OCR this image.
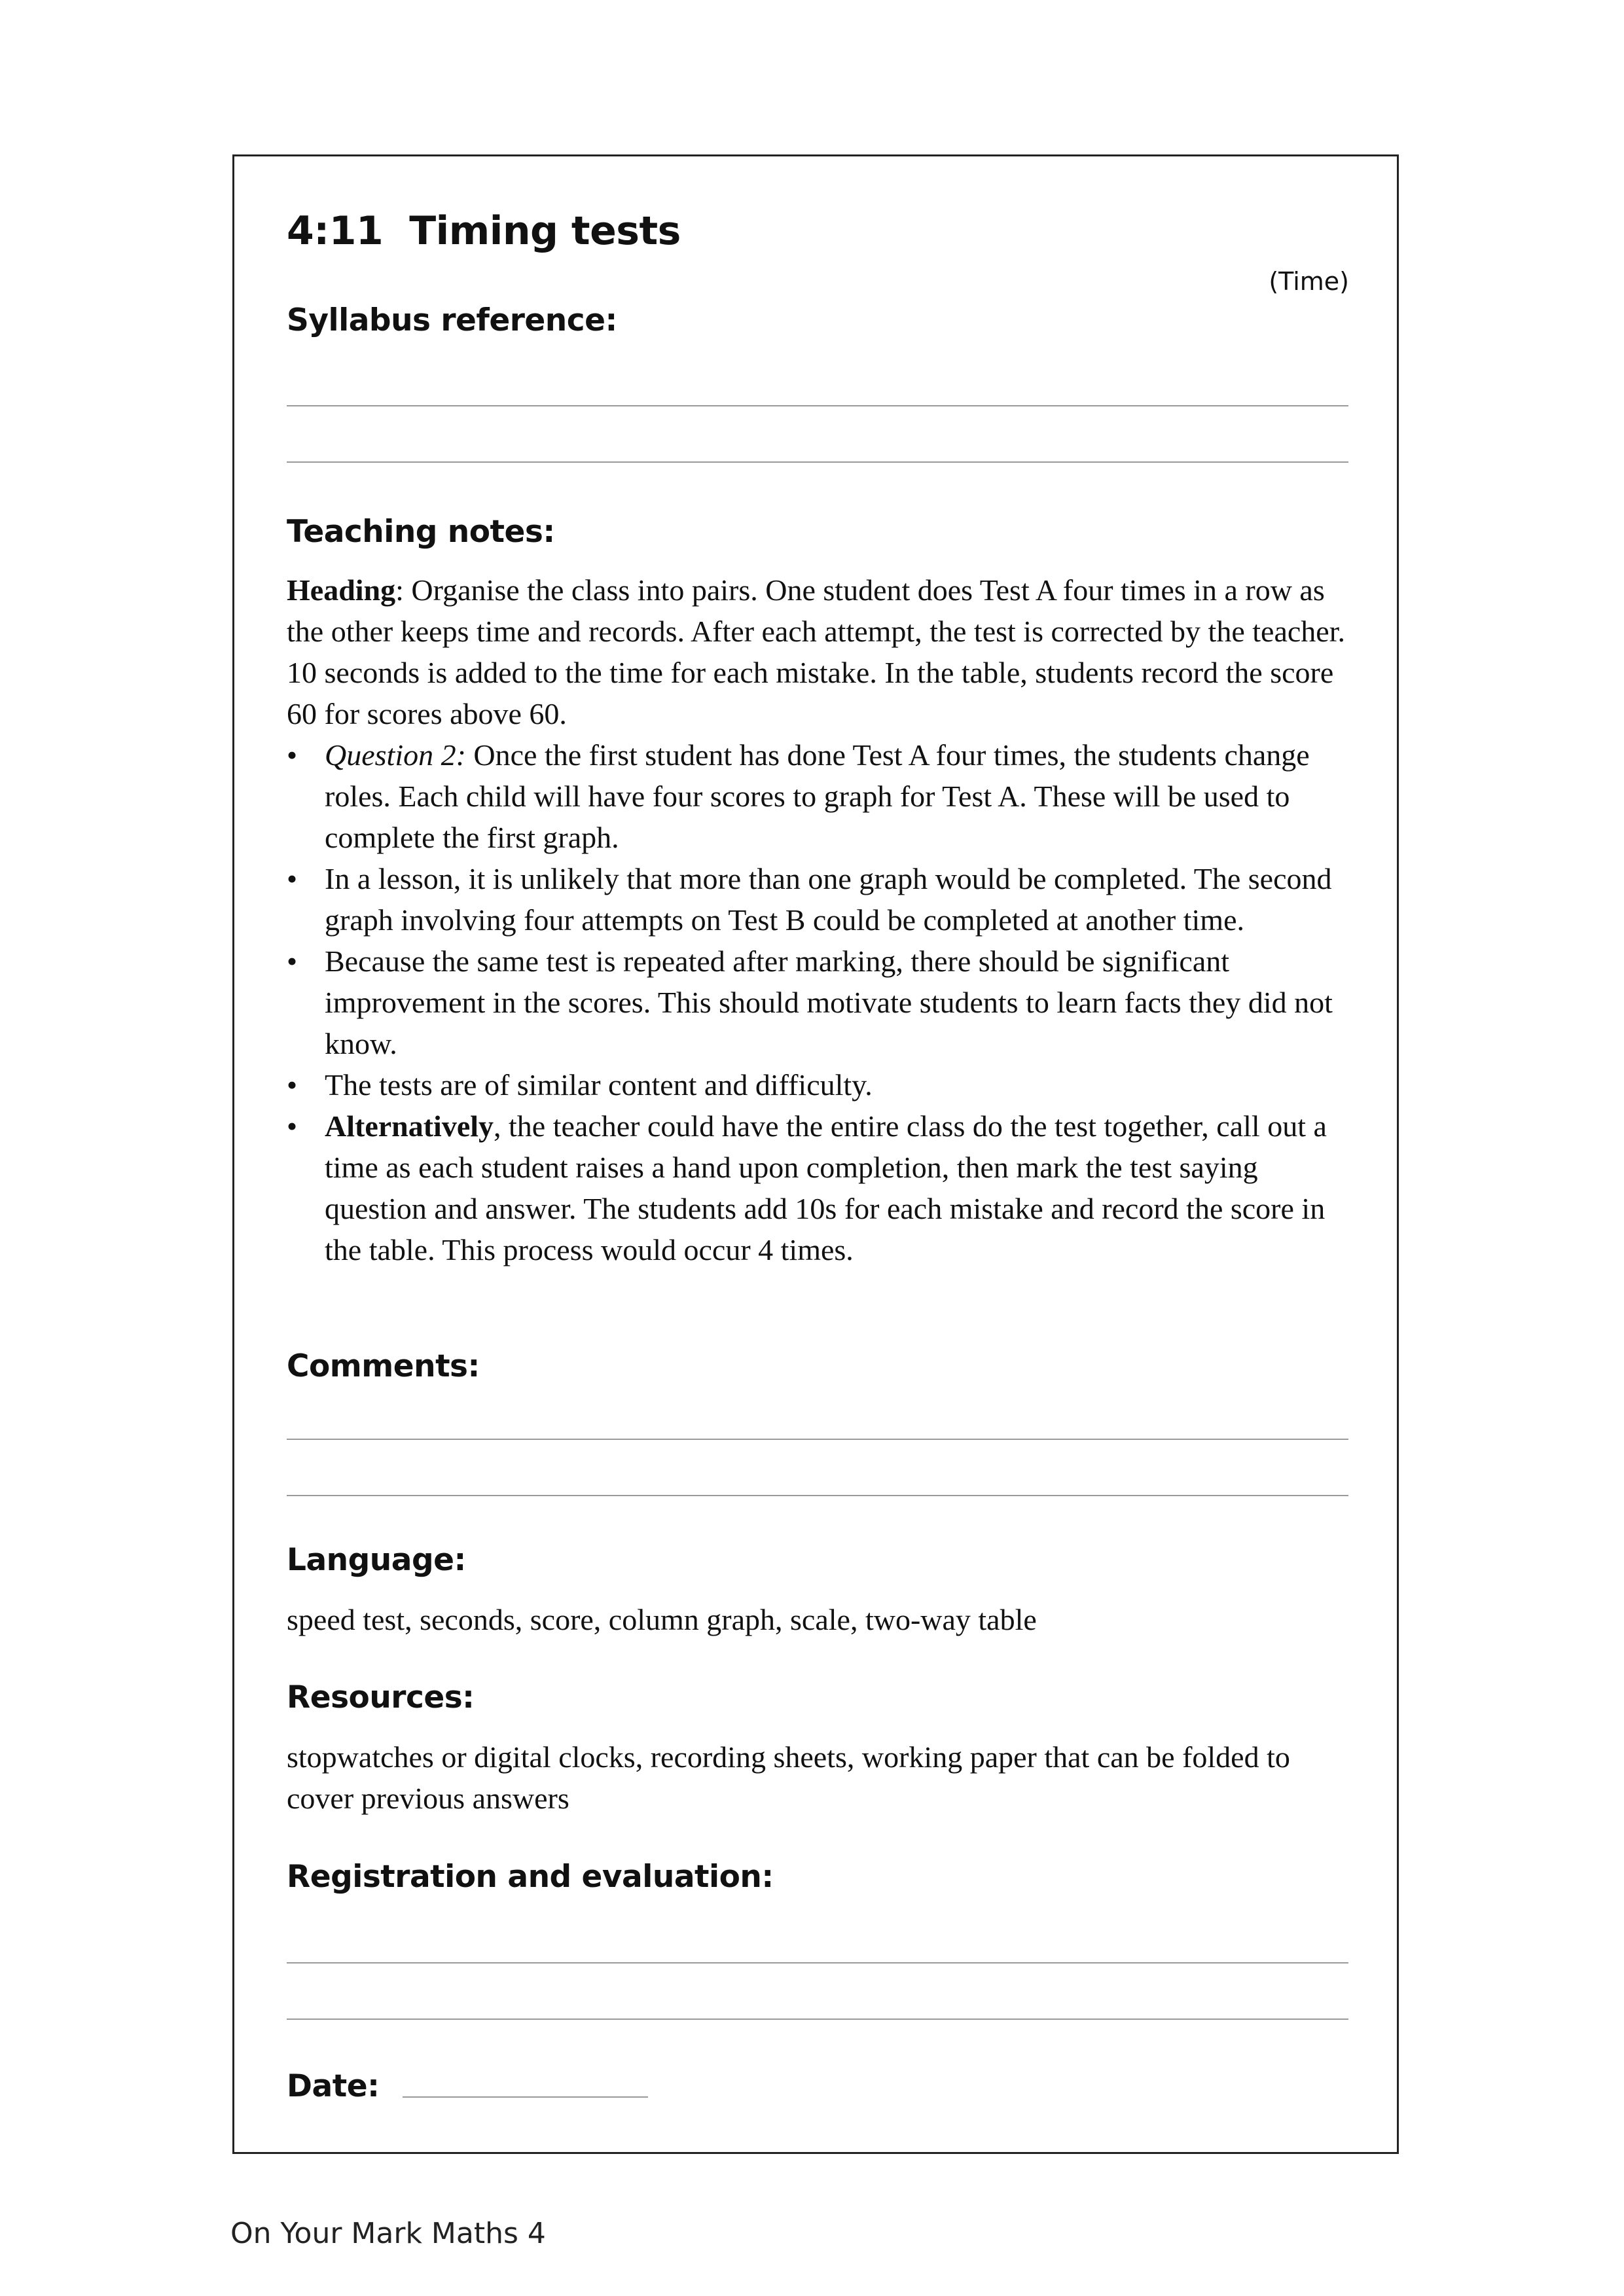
4:11 Timing tests
(Time)
Syllabus reference:
Teaching notes:

Heading: Organise the class into pairs. One student does Test A four times in a row as the other keeps time and records. After each attempt, the test is corrected by the teacher. 10 seconds is added to the time for each mistake. In the table, students record the score 60 for scores above 60.

• Question 2: Once the first student has done Test A four times, the students change roles. Each child will have four scores to graph for Test A. These will be used to complete the first graph.
• In a lesson, it is unlikely that more than one graph would be completed. The second graph involving four attempts on Test B could be completed at another time.
• Because the same test is repeated after marking, there should be significant improvement in the scores. This should motivate students to learn facts they did not know.
• The tests are of similar content and difficulty.
• Alternatively, the teacher could have the entire class do the test together, call out a time as each student raises a hand upon completion, then mark the test saying question and answer. The students add 10s for each mistake and record the score in the table. This process would occur 4 times.
Comments:
Language:
speed test, seconds, score, column graph, scale, two-way table
Resources:
stopwatches or digital clocks, recording sheets, working paper that can be folded to cover previous answers
Registration and evaluation:
Date:
On Your Mark Maths 4
